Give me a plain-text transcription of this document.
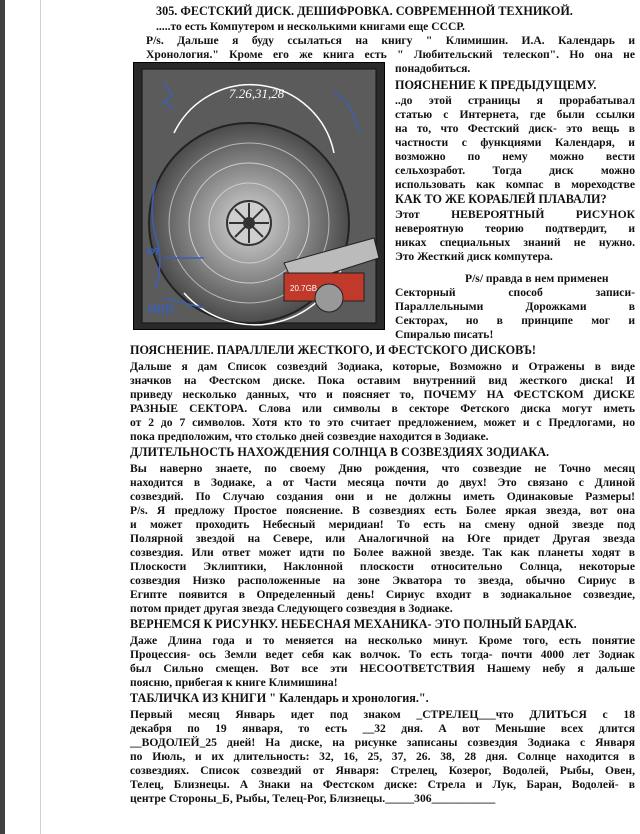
305. ФЕСТСКИЙ ДИСК. ДЕШИФРОВКА. СОВРЕМЕННОЙ ТЕХНИКОЙ.
.....то есть Компутером и несколькими книгами еще СССР.
P/s. Дальше я буду ссылаться на книгу " Климишин. И.А. Календарь и
Хронология." Кроме его же книга есть " Любительский телескоп". Но она не
понадобиться.
7.26,31,28
HDD
ФТ
20.7GB
ПОЯСНЕНИЕ К ПРЕДЫДУЩЕМУ.
..до этой страницы я прорабатывал
статью с Интернета, где были ссылки
на то, что Фестский диск- это вещь в
частности с функциями Календаря, и
возможно по нему можно вести
сельхозработ. Тогда диск можно
использовать как компас в мореходстве
КАК ТО ЖЕ КОРАБЛЕЙ ПЛАВАЛИ?
Этот НЕВЕРОЯТНЫЙ РИСУНОК
невероятную теорию подтвердит, и
никах специальных знаний не нужно.
Это Жесткий диск компутера.
P/s/ правда в нем применен
Секторный способ записи-
Параллельными Дорожками в
Секторах, но в принципе мог и
Спиралью писать!
ПОЯСНЕНИЕ. ПАРАЛЛЕЛИ ЖЕСТКОГО, И ФЕСТСКОГО ДИСКОВЪ!
Дальше я дам Список созвездий Зодиака, которые, Возможно и Отражены в виде
значков на Фестском диске. Пока оставим внутренний вид жесткого диска! И
приведу несколько данных, что и поясняет то, ПОЧЕМУ НА ФЕСТСКОМ ДИСКЕ
РАЗНЫЕ СЕКТОРА. Слова или символы в секторе Фетского диска могут иметь
от 2 до 7 символов. Хотя кто то это считает предложением, может и с Предлогами, но
пока предположим, что столько дней созвездие находится в Зодиаке.
ДЛИТЕЛЬНОСТЬ НАХОЖДЕНИЯ СОЛНЦА В СОЗВЕЗДИЯХ ЗОДИАКА.
Вы наверно знаете, по своему Дню рождения, что созвездие не Точно месяц
находится в Зодиаке, а от Части месяца почти до двух! Это связано с Длиной
созвездий. По Случаю создания они и не должны иметь Одинаковые Размеры!
P/s. Я предложу Простое пояснение. В созвездиях есть Более яркая звезда, вот она
и может проходить Небесный меридиан! То есть на смену одной звезде под
Полярной звездой на Севере, или Аналогичной на Юге придет Другая звезда
созвездия. Или ответ может идти по Более важной звезде. Так как планеты ходят в
Плоскости Эклиптики, Наклонной плоскости относительно Солнца, некоторые
созвездия Низко расположенные на зоне Экватора то звезда, обычно Сириус в
Египте появится в Определенный день! Сириус входит в зодиакальное созвездие,
потом придет другая звезда Следующего созвездия в Зодиаке.
ВЕРНЕМСЯ К РИСУНКУ. НЕБЕСНАЯ МЕХАНИКА- ЭТО ПОЛНЫЙ БАРДАК.
Даже Длина года и то меняется на несколько минут. Кроме того, есть понятие
Процессия- ось Земли ведет себя как волчок. То есть тогда- почти 4000 лет Зодиак
был Сильно смещен. Вот все эти НЕСООТВЕТСТВИЯ Нашему небу я дальше
поясню, прибегая к книге Климишина!
ТАБЛИЧКА ИЗ КНИГИ " Календарь и хронология.".
Первый месяц Январь идет под знаком _СТРЕЛЕЦ___что ДЛИТЬСЯ с 18
декабря по 19 января, то есть __32 дня. А вот Меньшие всех длится
__ВОДОЛЕЙ_25 дней! На диске, на рисунке записаны созвездия Зодиака с Января
по Июль, и их длительность: 32, 16, 25, 37, 26. 38, 28 дня. Солнце находится в
созвездиях. Список созвездий от Января: Стрелец, Козерог, Водолей, Рыбы, Овен,
Телец, Близнецы. А Знаки на Фестском диске: Стрела и Лук, Баран, Водолей- в
центре Стороны_Б, Рыбы, Телец-Рог, Близнецы._____306___________
